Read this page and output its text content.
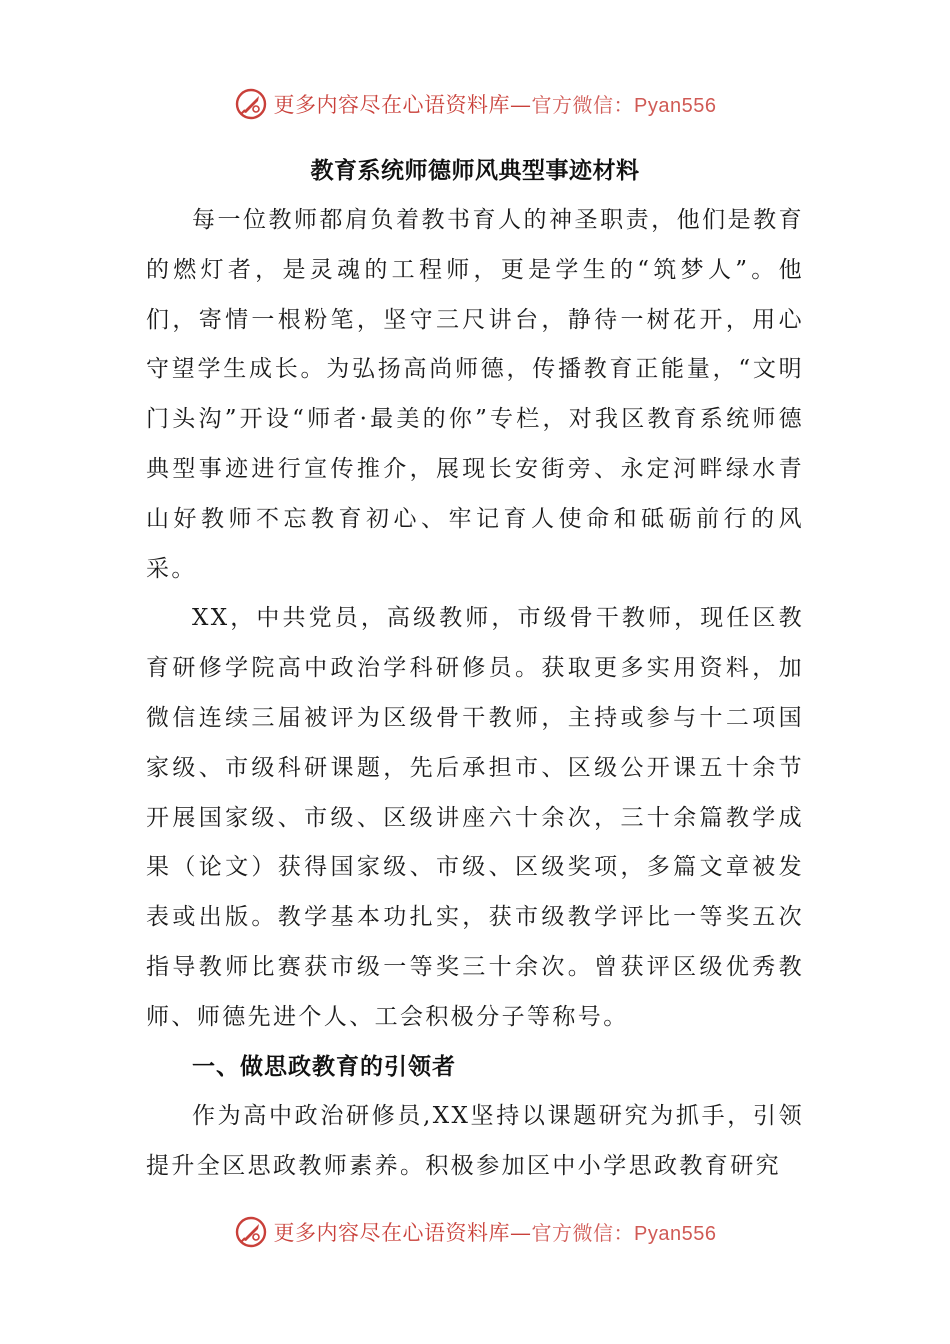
更多内容尽在心语资料库—官方微信：Pyan556
教育系统师德师风典型事迹材料

每一位教师都肩负着教书育人的神圣职责，他们是教育的燃灯者，是灵魂的工程师，更是学生的“筑梦人”。他们，寄情一根粉笔，坚守三尺讲台，静待一树花开，用心守望学生成长。为弘扬高尚师德，传播教育正能量，“文明门头沟”开设“师者·最美的你”专栏，对我区教育系统师德典型事迹进行宣传推介，展现长安街旁、永定河畔绿水青山好教师不忘教育初心、牢记育人使命和砥砺前行的风采。

XX，中共党员，高级教师，市级骨干教师，现任区教育研修学院高中政治学科研修员。获取更多实用资料，加微信连续三届被评为区级骨干教师，主持或参与十二项国家级、市级科研课题，先后承担市、区级公开课五十余节开展国家级、市级、区级讲座六十余次，三十余篇教学成果（论文）获得国家级、市级、区级奖项，多篇文章被发表或出版。教学基本功扎实，获市级教学评比一等奖五次指导教师比赛获市级一等奖三十余次。曾获评区级优秀教师、师德先进个人、工会积极分子等称号。

一、做思政教育的引领者

作为高中政治研修员,XX坚持以课题研究为抓手，引领提升全区思政教师素养。积极参加区中小学思政教育研究

更多内容尽在心语资料库—官方微信：Pyan556
